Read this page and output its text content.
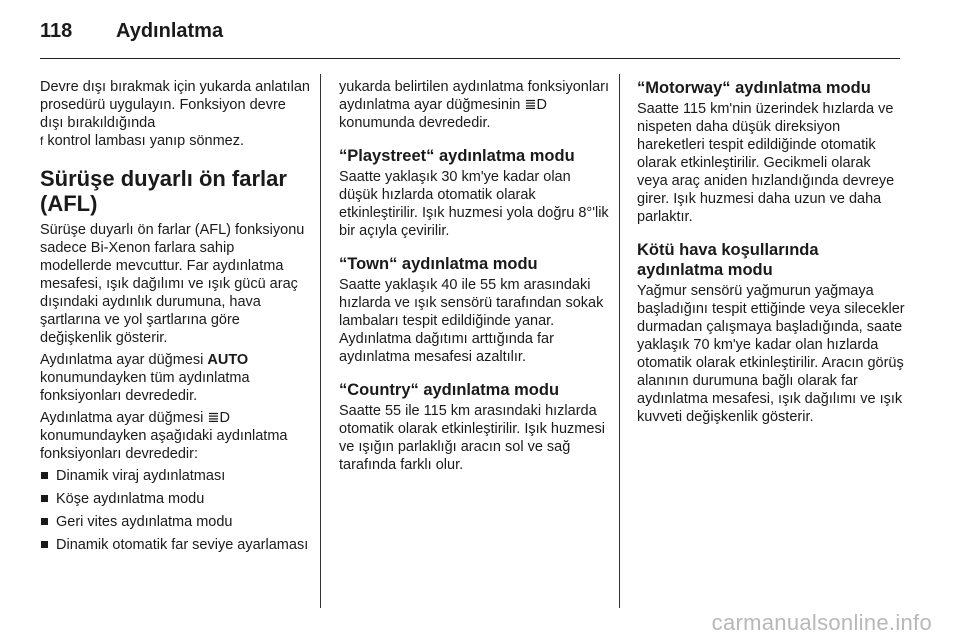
118 Aydınlatma

Devre dışı bırakmak için yukarda anlatılan prosedürü uygulayın. Fonksiyon devre dışı bırakıldığında
f kontrol lambası yanıp sönmez.

Sürüşe duyarlı ön farlar (AFL)

Sürüşe duyarlı ön farlar (AFL) fonksiyonu sadece Bi-Xenon farlara sahip modellerde mevcuttur. Far aydınlatma mesafesi, ışık dağılımı ve ışık gücü araç dışındaki aydınlık durumuna, hava şartlarına ve yol şartlarına göre değişkenlik gösterir.

Aydınlatma ayar düğmesi AUTO konumundayken tüm aydınlatma fonksiyonları devrededir.

Aydınlatma ayar düğmesi ≣D konumundayken aşağıdaki aydınlatma fonksiyonları devrededir:

Dinamik viraj aydınlatması
Köşe aydınlatma modu
Geri vites aydınlatma modu
Dinamik otomatik far seviye ayarlaması

yukarda belirtilen aydınlatma fonksiyonları aydınlatma ayar düğmesinin ≣D konumunda devrededir.

“Playstreet“ aydınlatma modu

Saatte yaklaşık 30 km'ye kadar olan düşük hızlarda otomatik olarak etkinleştirilir. Işık huzmesi yola doğru 8°'lik bir açıyla çevirilir.

“Town“ aydınlatma modu

Saatte yaklaşık 40 ile 55 km arasındaki hızlarda ve ışık sensörü tarafından sokak lambaları tespit edildiğinde yanar. Aydınlatma dağıtımı arttığında far aydınlatma mesafesi azaltılır.

“Country“ aydınlatma modu

Saatte 55 ile 115 km arasındaki hızlarda otomatik olarak etkinleştirilir. Işık huzmesi ve ışığın parlaklığı aracın sol ve sağ tarafında farklı olur.

“Motorway“ aydınlatma modu

Saatte 115 km'nin üzerindek hızlarda ve nispeten daha düşük direksiyon hareketleri tespit edildiğinde otomatik olarak etkinleştirilir. Gecikmeli olarak veya araç aniden hızlandığında devreye girer. Işık huzmesi daha uzun ve daha parlaktır.

Kötü hava koşullarında aydınlatma modu

Yağmur sensörü yağmurun yağmaya başladığını tespit ettiğinde veya silecekler durmadan çalışmaya başladığında, saate yaklaşık 70 km'ye kadar olan hızlarda otomatik olarak etkinleştirilir. Aracın görüş alanının durumuna bağlı olarak far aydınlatma mesafesi, ışık dağılımı ve ışık kuvveti değişkenlik gösterir.

carmanualsonline.info
